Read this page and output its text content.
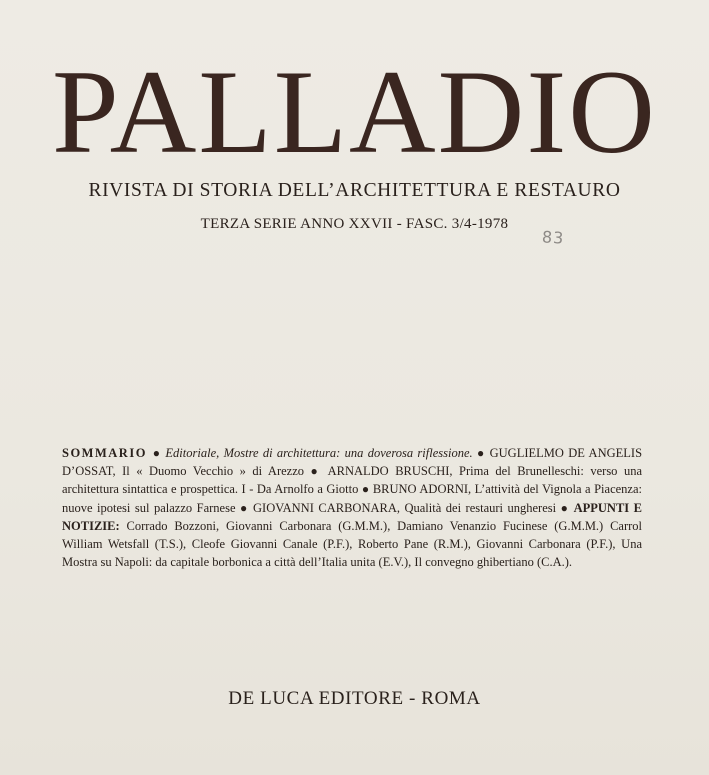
PALLADIO
RIVISTA DI STORIA DELL’ARCHITETTURA E RESTAURO
TERZA SERIE ANNO XXVII - FASC. 3/4-1978
83
SOMMARIO ● Editoriale, Mostre di architettura: una doverosa riflessione. ● GUGLIELMO DE ANGELIS D’OSSAT, Il « Duomo Vecchio » di Arezzo ● ARNALDO BRUSCHI, Prima del Brunelleschi: verso una architettura sintattica e prospettica. I - Da Arnolfo a Giotto ● BRUNO ADORNI, L’attività del Vignola a Piacenza: nuove ipotesi sul palazzo Farnese ● GIOVANNI CARBONARA, Qualità dei restauri ungheresi ● APPUNTI E NOTIZIE: Corrado Bozzoni, Giovanni Carbonara (G.M.M.), Damiano Venanzio Fucinese (G.M.M.) Carrol William Wetsfall (T.S.), Cleofe Giovanni Canale (P.F.), Roberto Pane (R.M.), Giovanni Carbonara (P.F.), Una Mostra su Napoli: da capitale borbonica a città dell’Italia unita (E.V.), Il convegno ghibertiano (C.A.).
DE LUCA EDITORE - ROMA
